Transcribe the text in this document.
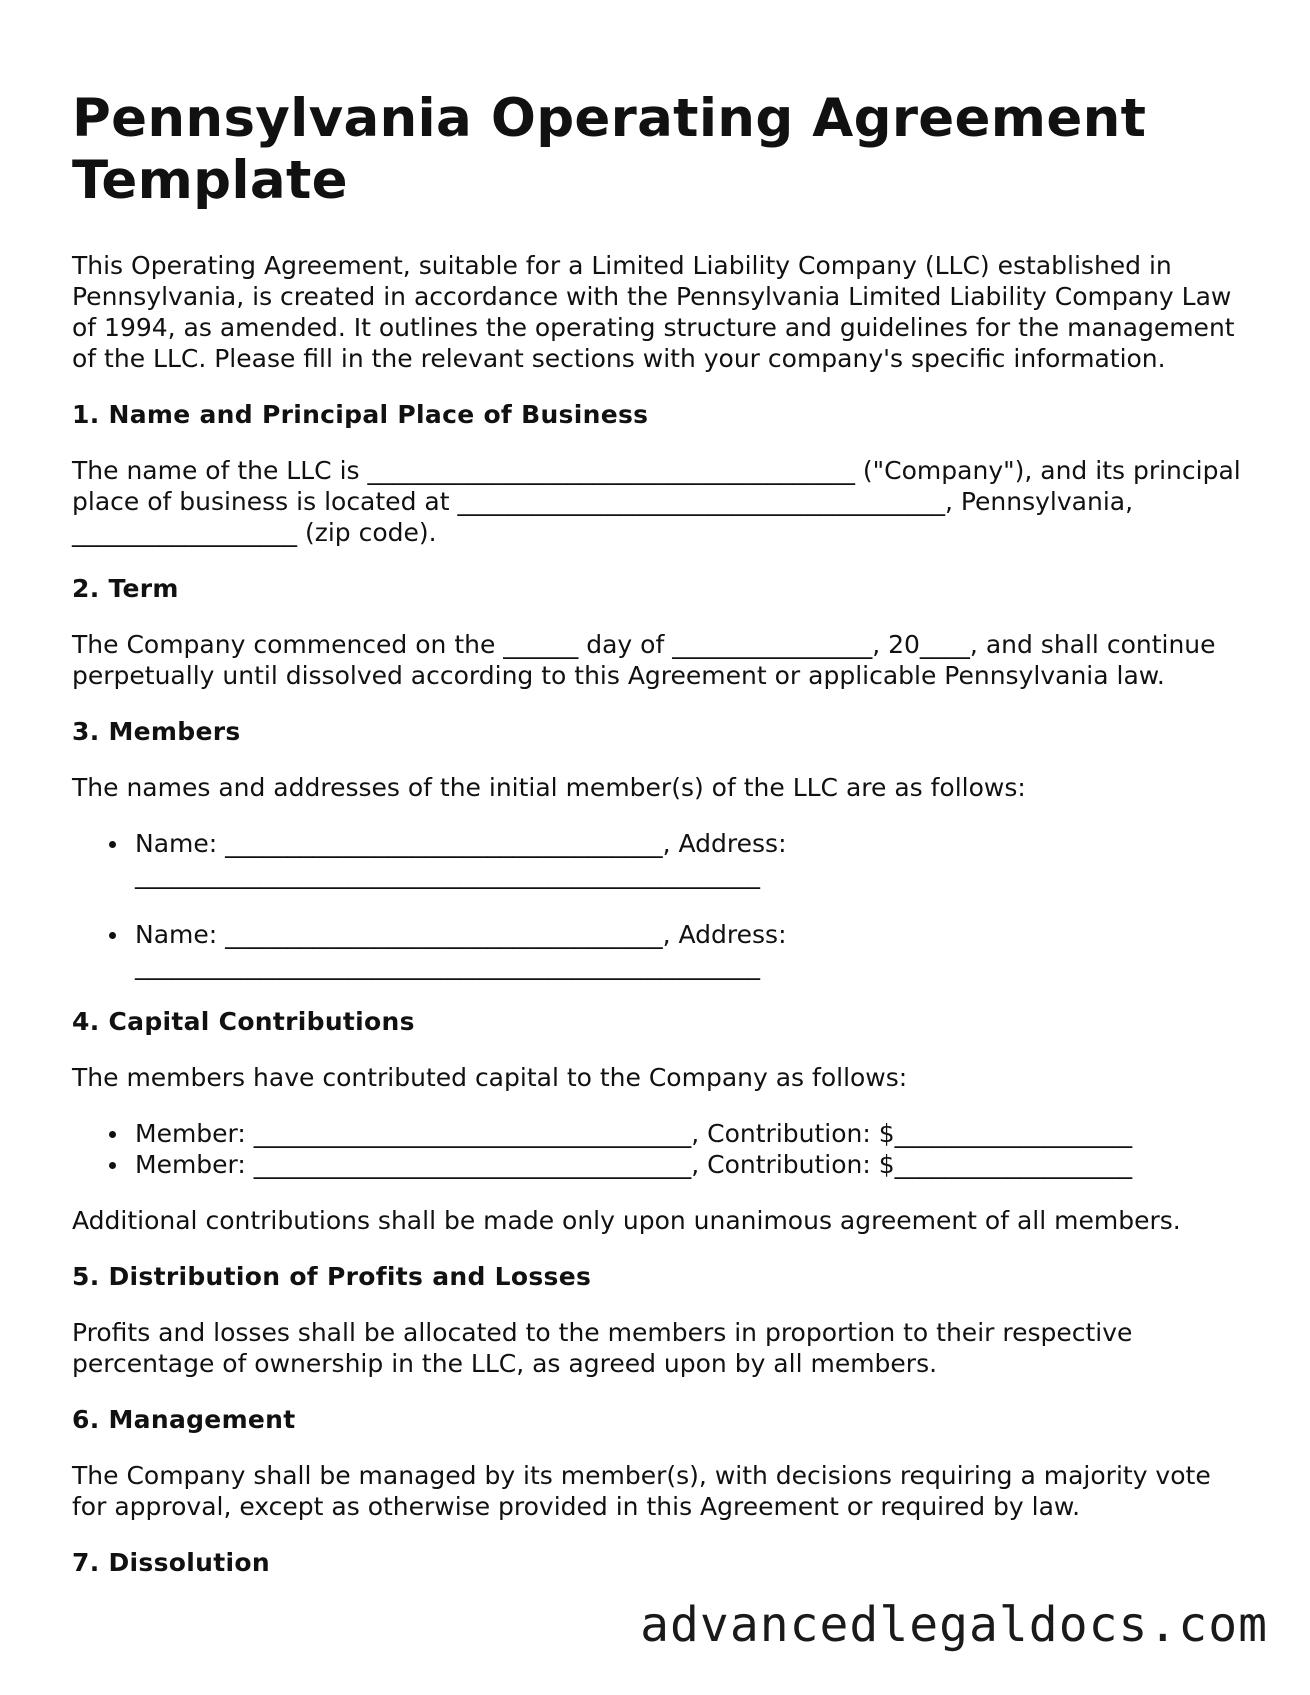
Pennsylvania Operating Agreement Template

This Operating Agreement, suitable for a Limited Liability Company (LLC) established in Pennsylvania, is created in accordance with the Pennsylvania Limited Liability Company Law of 1994, as amended. It outlines the operating structure and guidelines for the management of the LLC. Please fill in the relevant sections with your company's specific information.

1. Name and Principal Place of Business

The name of the LLC is _______________________________________ ("Company"), and its principal place of business is located at _______________________________________, Pennsylvania, __________________ (zip code).

2. Term

The Company commenced on the ______ day of ________________, 20____, and shall continue perpetually until dissolved according to this Agreement or applicable Pennsylvania law.

3. Members

The names and addresses of the initial member(s) of the LLC are as follows:

Name: ___________________________________, Address: __________________________________________________
Name: ___________________________________, Address: __________________________________________________
4. Capital Contributions

The members have contributed capital to the Company as follows:

Member: ___________________________________, Contribution: $___________________
Member: ___________________________________, Contribution: $___________________

Additional contributions shall be made only upon unanimous agreement of all members.

5. Distribution of Profits and Losses

Profits and losses shall be allocated to the members in proportion to their respective percentage of ownership in the LLC, as agreed upon by all members.

6. Management

The Company shall be managed by its member(s), with decisions requiring a majority vote for approval, except as otherwise provided in this Agreement or required by law.

7. Dissolution
advancedlegaldocs.com
